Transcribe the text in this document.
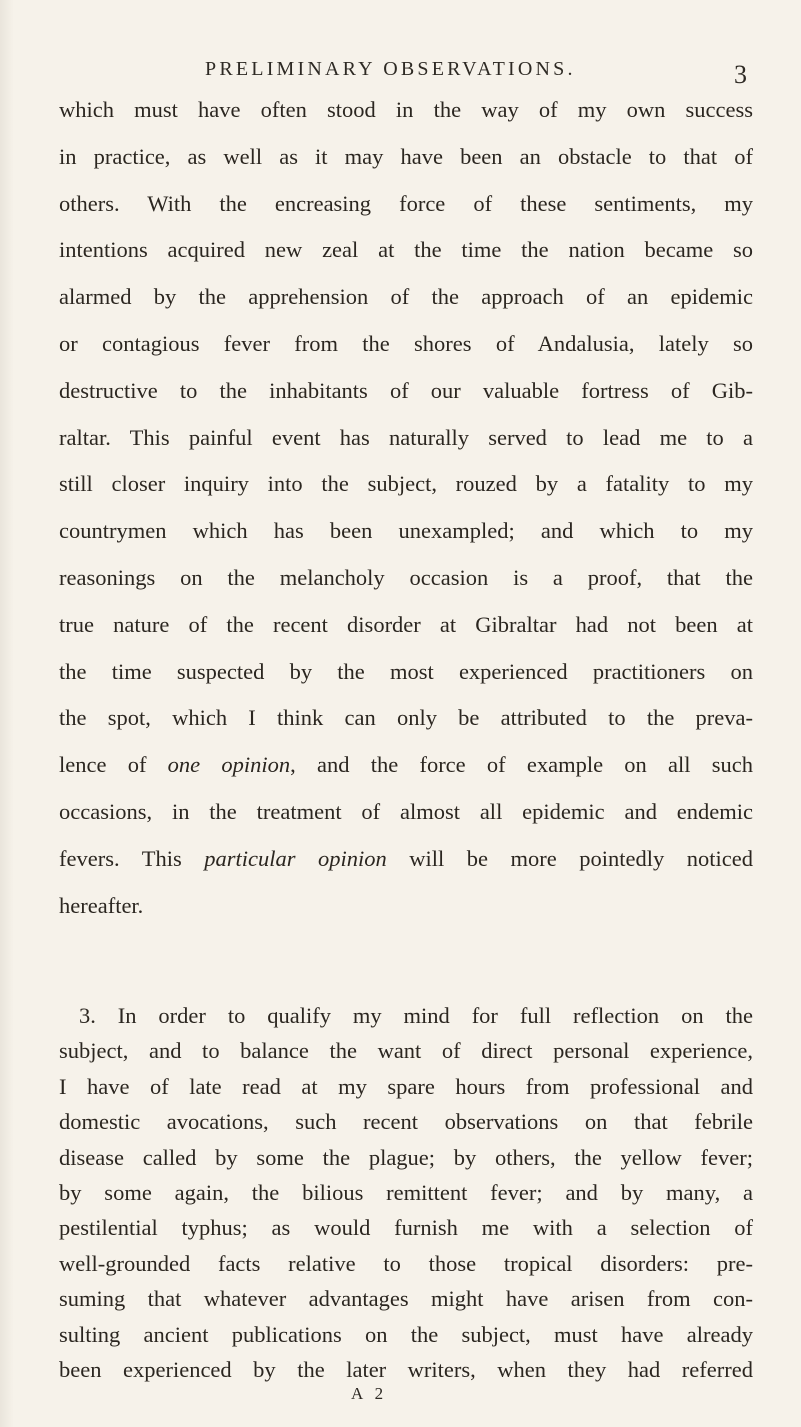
PRELIMINARY OBSERVATIONS.	3
which must have often stood in the way of my own success
in practice, as well as it may have been an obstacle to that of
others. With the encreasing force of these sentiments, my
intentions acquired new zeal at the time the nation became so
alarmed by the apprehension of the approach of an epidemic
or contagious fever from the shores of Andalusia, lately so
destructive to the inhabitants of our valuable fortress of Gib-
raltar. This painful event has naturally served to lead me to a
still closer inquiry into the subject, rouzed by a fatality to my
countrymen which has been unexampled; and which to my
reasonings on the melancholy occasion is a proof, that the
true nature of the recent disorder at Gibraltar had not been at
the time suspected by the most experienced practitioners on
the spot, which I think can only be attributed to the preva-
lence of one opinion, and the force of example on all such
occasions, in the treatment of almost all epidemic and endemic
fevers. This particular opinion will be more pointedly noticed
hereafter.
3. In order to qualify my mind for full reflection on the
subject, and to balance the want of direct personal experience,
I have of late read at my spare hours from professional and
domestic avocations, such recent observations on that febrile
disease called by some the plague; by others, the yellow fever;
by some again, the bilious remittent fever; and by many, a
pestilential typhus; as would furnish me with a selection of
well-grounded facts relative to those tropical disorders: pre-
suming that whatever advantages might have arisen from con-
sulting ancient publications on the subject, must have already
been experienced by the later writers, when they had referred
A 2
